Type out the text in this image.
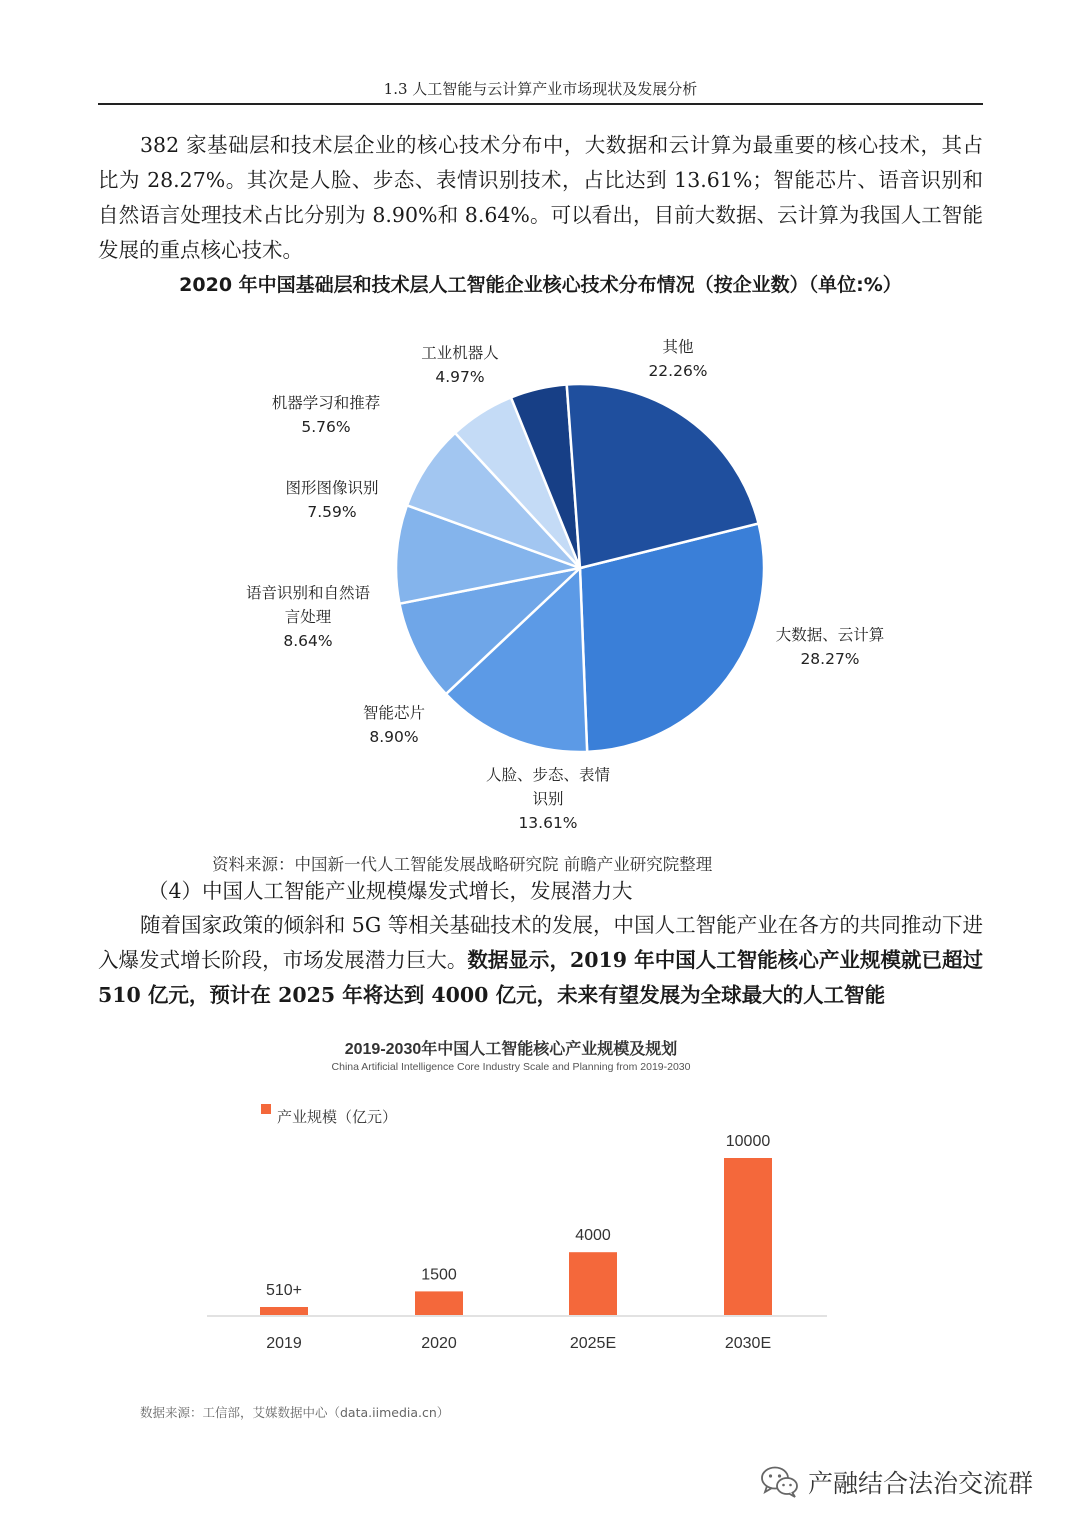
1.3 人工智能与云计算产业市场现状及发展分析

382 家基础层和技术层企业的核心技术分布中，大数据和云计算为最重要的核心技术，其占比为 28.27%。其次是人脸、步态、表情识别技术，占比达到 13.61%；智能芯片、语音识别和自然语言处理技术占比分别为 8.90%和 8.64%。可以看出，目前大数据、云计算为我国人工智能发展的重点核心技术。

2020 年中国基础层和技术层人工智能企业核心技术分布情况（按企业数）（单位:%）
大数据、云计算
28.27%
人脸、步态、表情
识别
13.61%
智能芯片
8.90%
语音识别和自然语
言处理
8.64%
图形图像识别
7.59%
机器学习和推荐
5.76%
工业机器人
4.97%
其他
22.26%
资料来源：中国新一代人工智能发展战略研究院 前瞻产业研究院整理
（4）中国人工智能产业规模爆发式增长，发展潜力大

随着国家政策的倾斜和 5G 等相关基础技术的发展，中国人工智能产业在各方的共同推动下进入爆发式增长阶段，市场发展潜力巨大。数据显示，2019 年中国人工智能核心产业规模就已超过 510 亿元，预计在 2025 年将达到 4000 亿元，未来有望发展为全球最大的人工智能

2019-2030年中国人工智能核心产业规模及规划
China Artificial Intelligence Core Industry Scale and Planning from 2019-2030
产业规模（亿元）
510+
2019
1500
2020
4000
2025E
10000
2030E
数据来源：工信部，艾媒数据中心（data.iimedia.cn）
产融结合法治交流群
